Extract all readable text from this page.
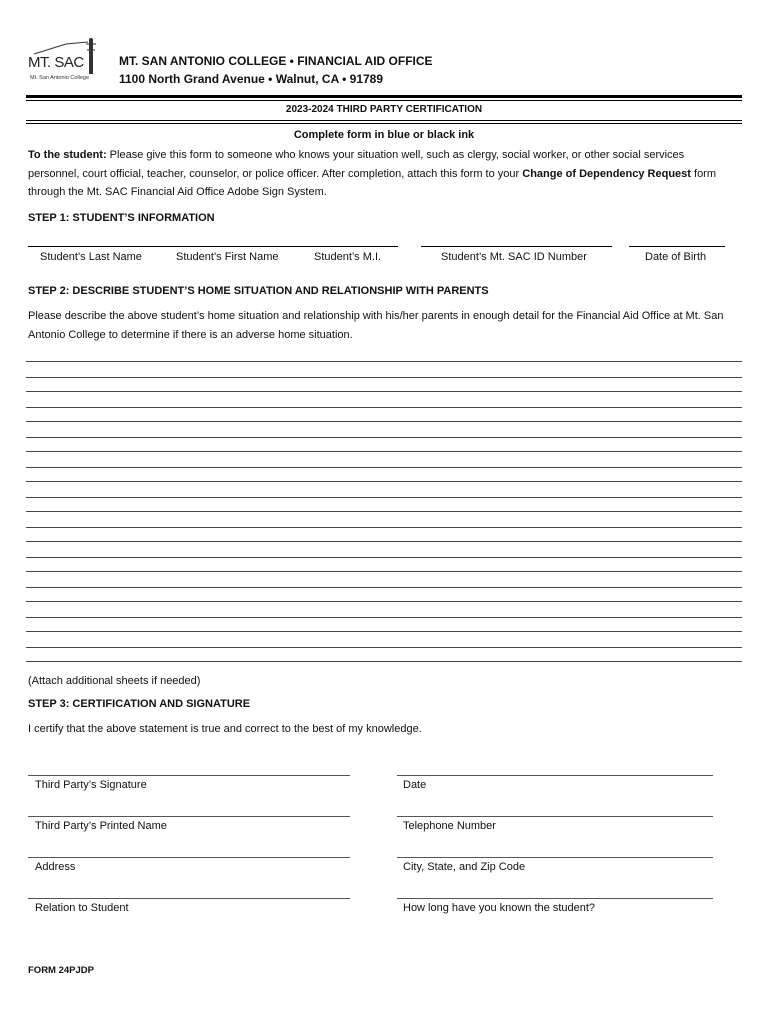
MT. SAC
Mt. San Antonio College
MT. SAN ANTONIO COLLEGE • FINANCIAL AID OFFICE
1100 North Grand Avenue • Walnut, CA • 91789
2023-2024 THIRD PARTY CERTIFICATION
Complete form in blue or black ink
To the student: Please give this form to someone who knows your situation well, such as clergy, social worker, or other social services personnel, court official, teacher, counselor, or police officer. After completion, attach this form to your Change of Dependency Request form through the Mt. SAC Financial Aid Office Adobe Sign System.
STEP 1: STUDENT’S INFORMATION
Student’s Last Name	Student’s First Name	Student’s M.I.	Student’s Mt. SAC ID Number	Date of Birth
STEP 2: DESCRIBE STUDENT’S HOME SITUATION AND RELATIONSHIP WITH PARENTS
Please describe the above student’s home situation and relationship with his/her parents in enough detail for the Financial Aid Office at Mt. San Antonio College to determine if there is an adverse home situation.
(Attach additional sheets if needed)
STEP 3: CERTIFICATION AND SIGNATURE
I certify that the above statement is true and correct to the best of my knowledge.
Third Party’s Signature	Date
Third Party’s Printed Name	Telephone Number
Address	City, State, and Zip Code
Relation to Student	How long have you known the student?
FORM 24PJDP
